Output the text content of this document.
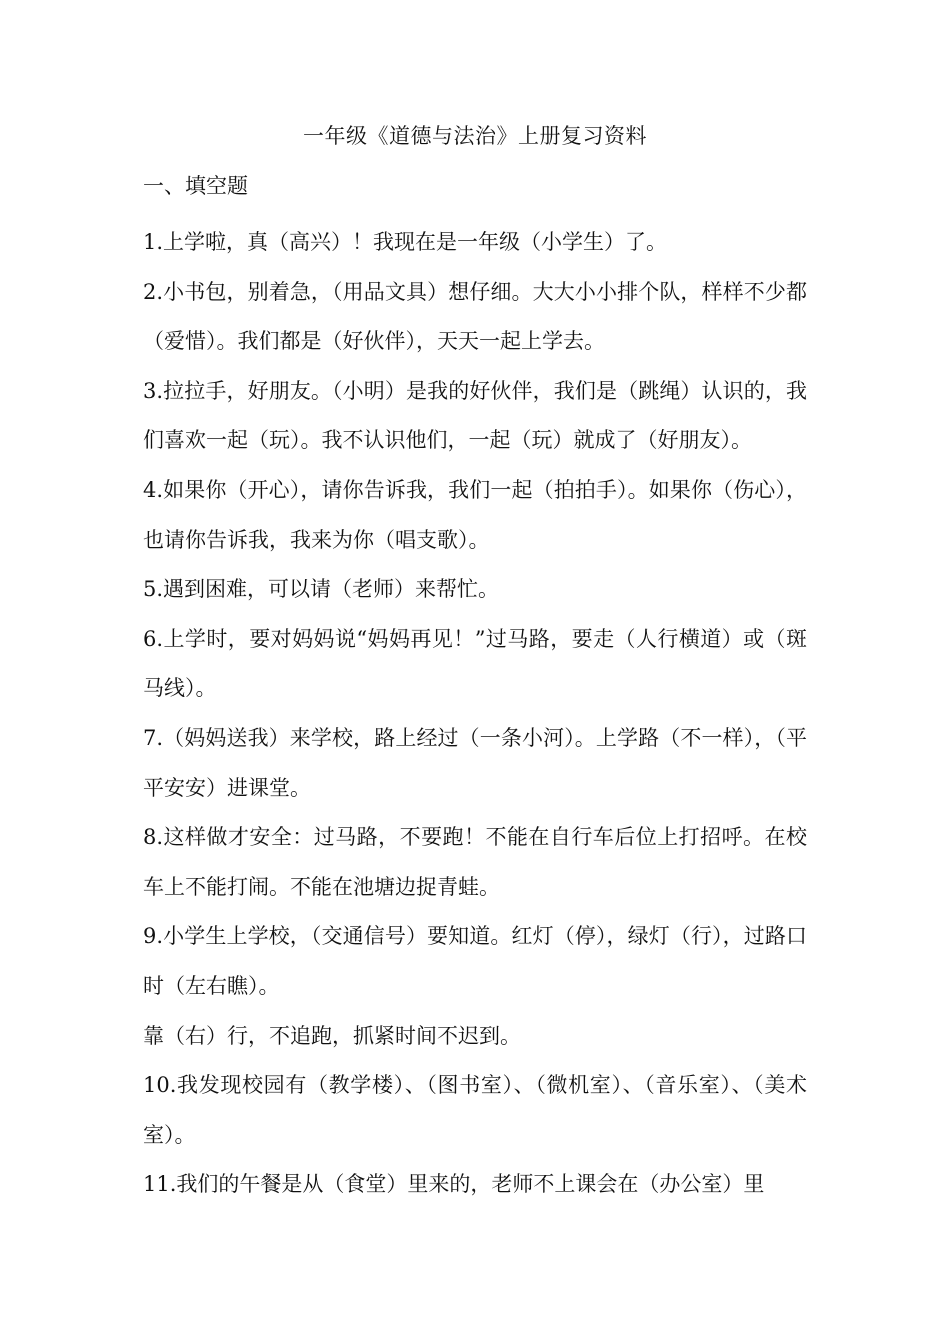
一年级《道德与法治》上册复习资料
一、填空题

1.上学啦，真（高兴）！我现在是一年级（小学生）了。

2.小书包，别着急，（用品文具）想仔细。大大小小排个队，样样不少都（爱惜）。我们都是（好伙伴），天天一起上学去。

3.拉拉手，好朋友。（小明）是我的好伙伴，我们是（跳绳）认识的，我们喜欢一起（玩）。我不认识他们，一起（玩）就成了（好朋友）。

4.如果你（开心），请你告诉我，我们一起（拍拍手）。如果你（伤心），也请你告诉我，我来为你（唱支歌）。

5.遇到困难，可以请（老师）来帮忙。

6.上学时，要对妈妈说“妈妈再见！”过马路，要走（人行横道）或（斑马线）。

7.（妈妈送我）来学校，路上经过（一条小河）。上学路（不一样），（平平安安）进课堂。

8.这样做才安全：过马路，不要跑！不能在自行车后位上打招呼。在校车上不能打闹。不能在池塘边捉青蛙。

9.小学生上学校，（交通信号）要知道。红灯（停），绿灯（行），过路口时（左右瞧）。

靠（右）行，不追跑，抓紧时间不迟到。

10.我发现校园有（教学楼）、（图书室）、（微机室）、（音乐室）、（美术室）。

11.我们的午餐是从（食堂）里来的，老师不上课会在（办公室）里
